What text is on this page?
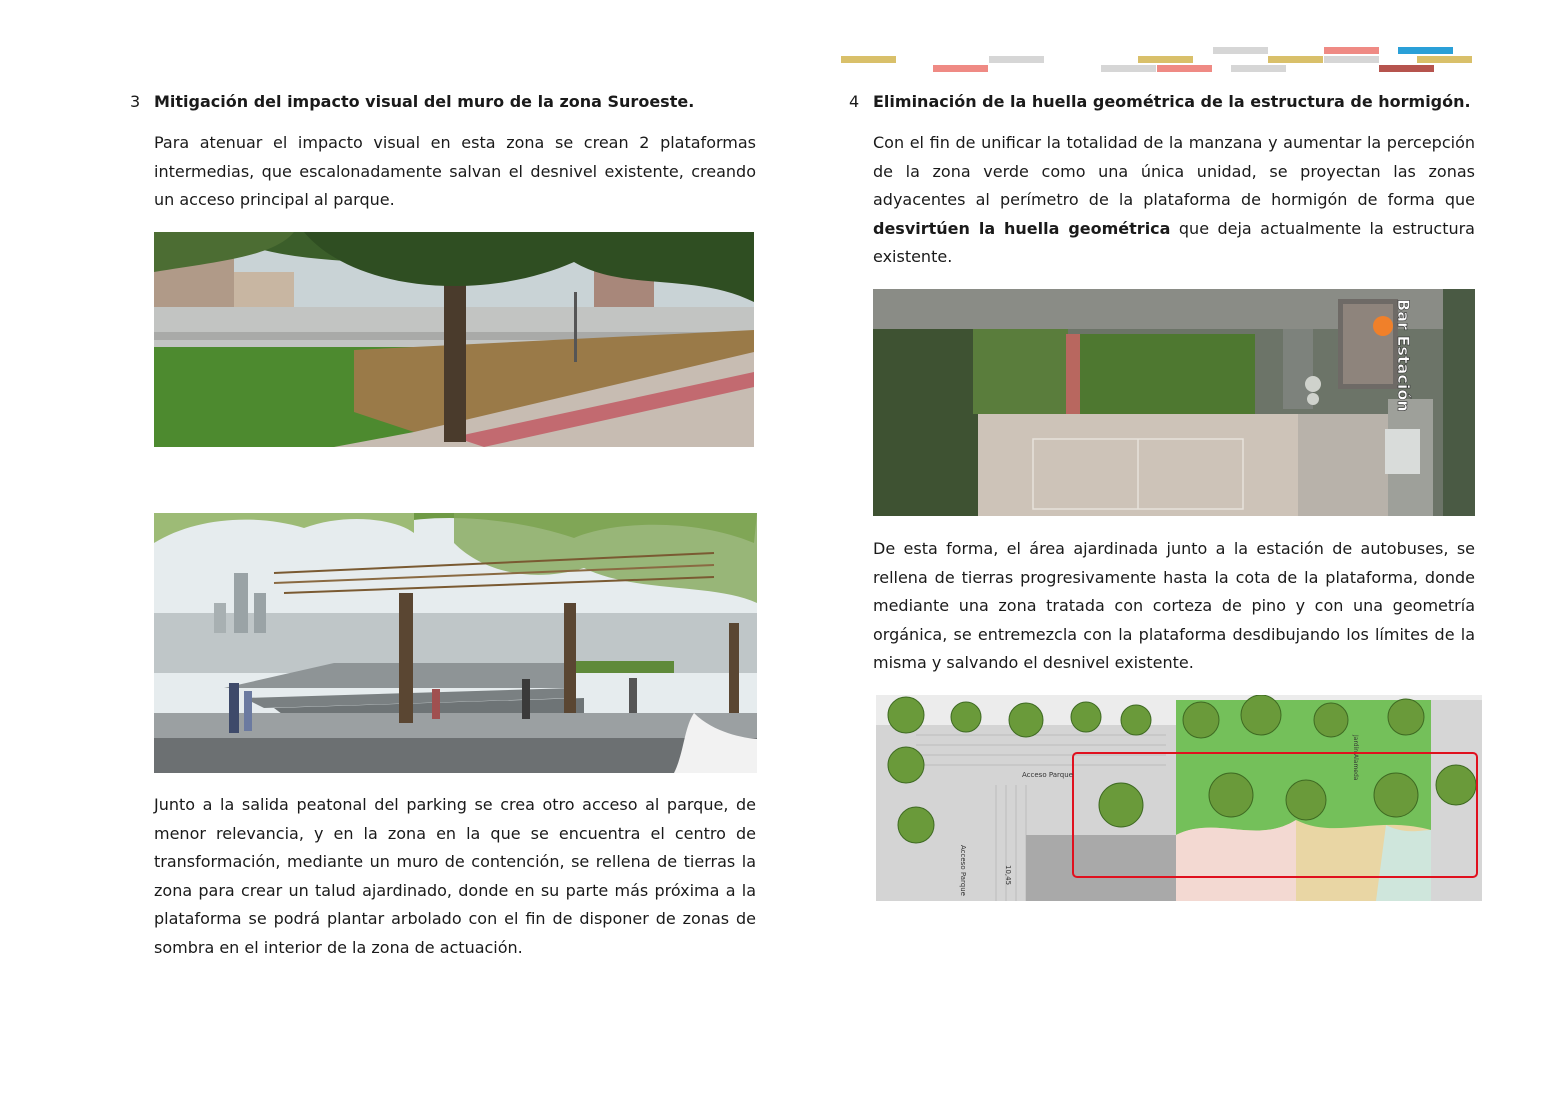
3 Mitigación del impacto visual del muro de la zona Suroeste.
Para atenuar el impacto visual en esta zona se crean 2 plataformas intermedias, que escalonadamente salvan el desnivel existente, creando un acceso principal al parque.
Junto a la salida peatonal del parking se crea otro acceso al parque, de menor relevancia, y en la zona en la que se encuentra el centro de transformación, mediante un muro de contención, se rellena de tierras la zona para crear un talud ajardinado, donde en su parte más próxima a la plataforma se podrá plantar arbolado con el fin de disponer de zonas de sombra en el interior de la zona de actuación.
4 Eliminación de la huella geométrica de la estructura de hormigón.
Con el fin de unificar la totalidad de la manzana y aumentar la percepción de la zona verde como una única unidad, se proyectan las zonas adyacentes al perímetro de la plataforma de hormigón de forma que desvirtúen la huella geométrica que deja actualmente la estructura existente.
Bar Estación
De esta forma, el área ajardinada junto a la estación de autobuses, se rellena de tierras progresivamente hasta la cota de la plataforma, donde mediante una zona tratada con corteza de pino y con una geometría orgánica, se entremezcla con la plataforma desdibujando los límites de la misma y salvando el desnivel existente.
Acceso Parque
Acceso Parque	10,45
Jardín Alameda
